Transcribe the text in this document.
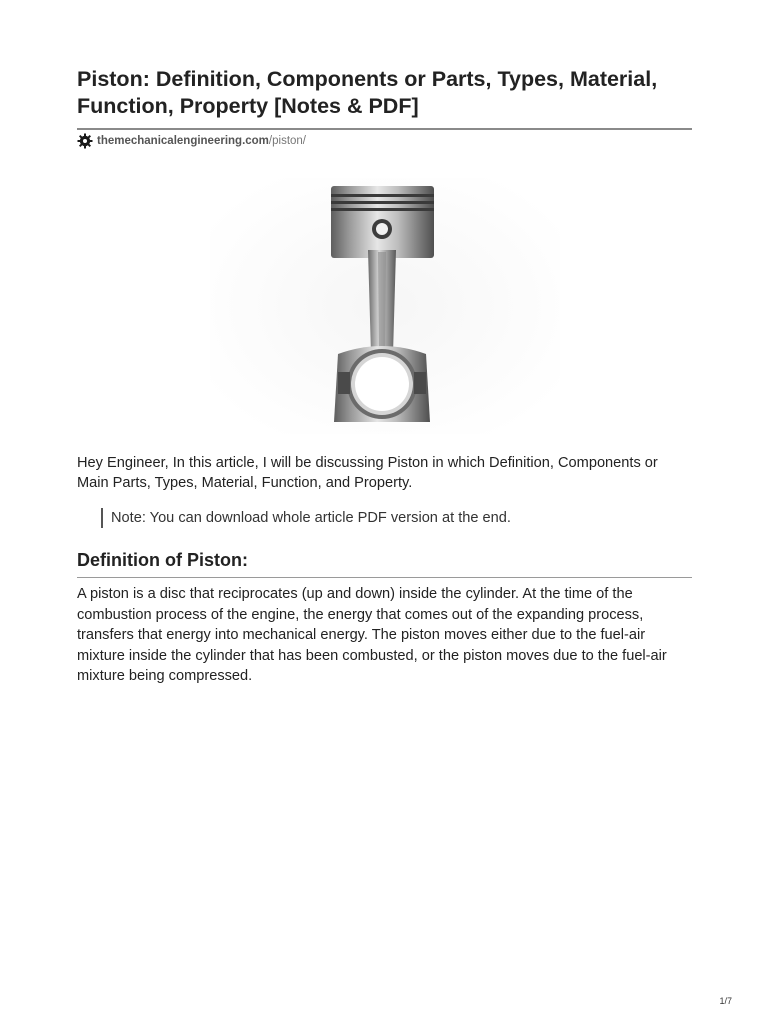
Piston: Definition, Components or Parts, Types, Material, Function, Property [Notes & PDF]
themechanicalengineering.com /piston/

Hey Engineer, In this article, I will be discussing Piston in which Definition, Components or Main Parts, Types, Material, Function, and Property.

Note: You can download whole article PDF version at the end.
Definition of Piston:

A piston is a disc that reciprocates (up and down) inside the cylinder. At the time of the combustion process of the engine, the energy that comes out of the expanding process, transfers that energy into mechanical energy. The piston moves either due to the fuel-air mixture inside the cylinder that has been combusted, or the piston moves due to the fuel-air mixture being compressed.

1/7
